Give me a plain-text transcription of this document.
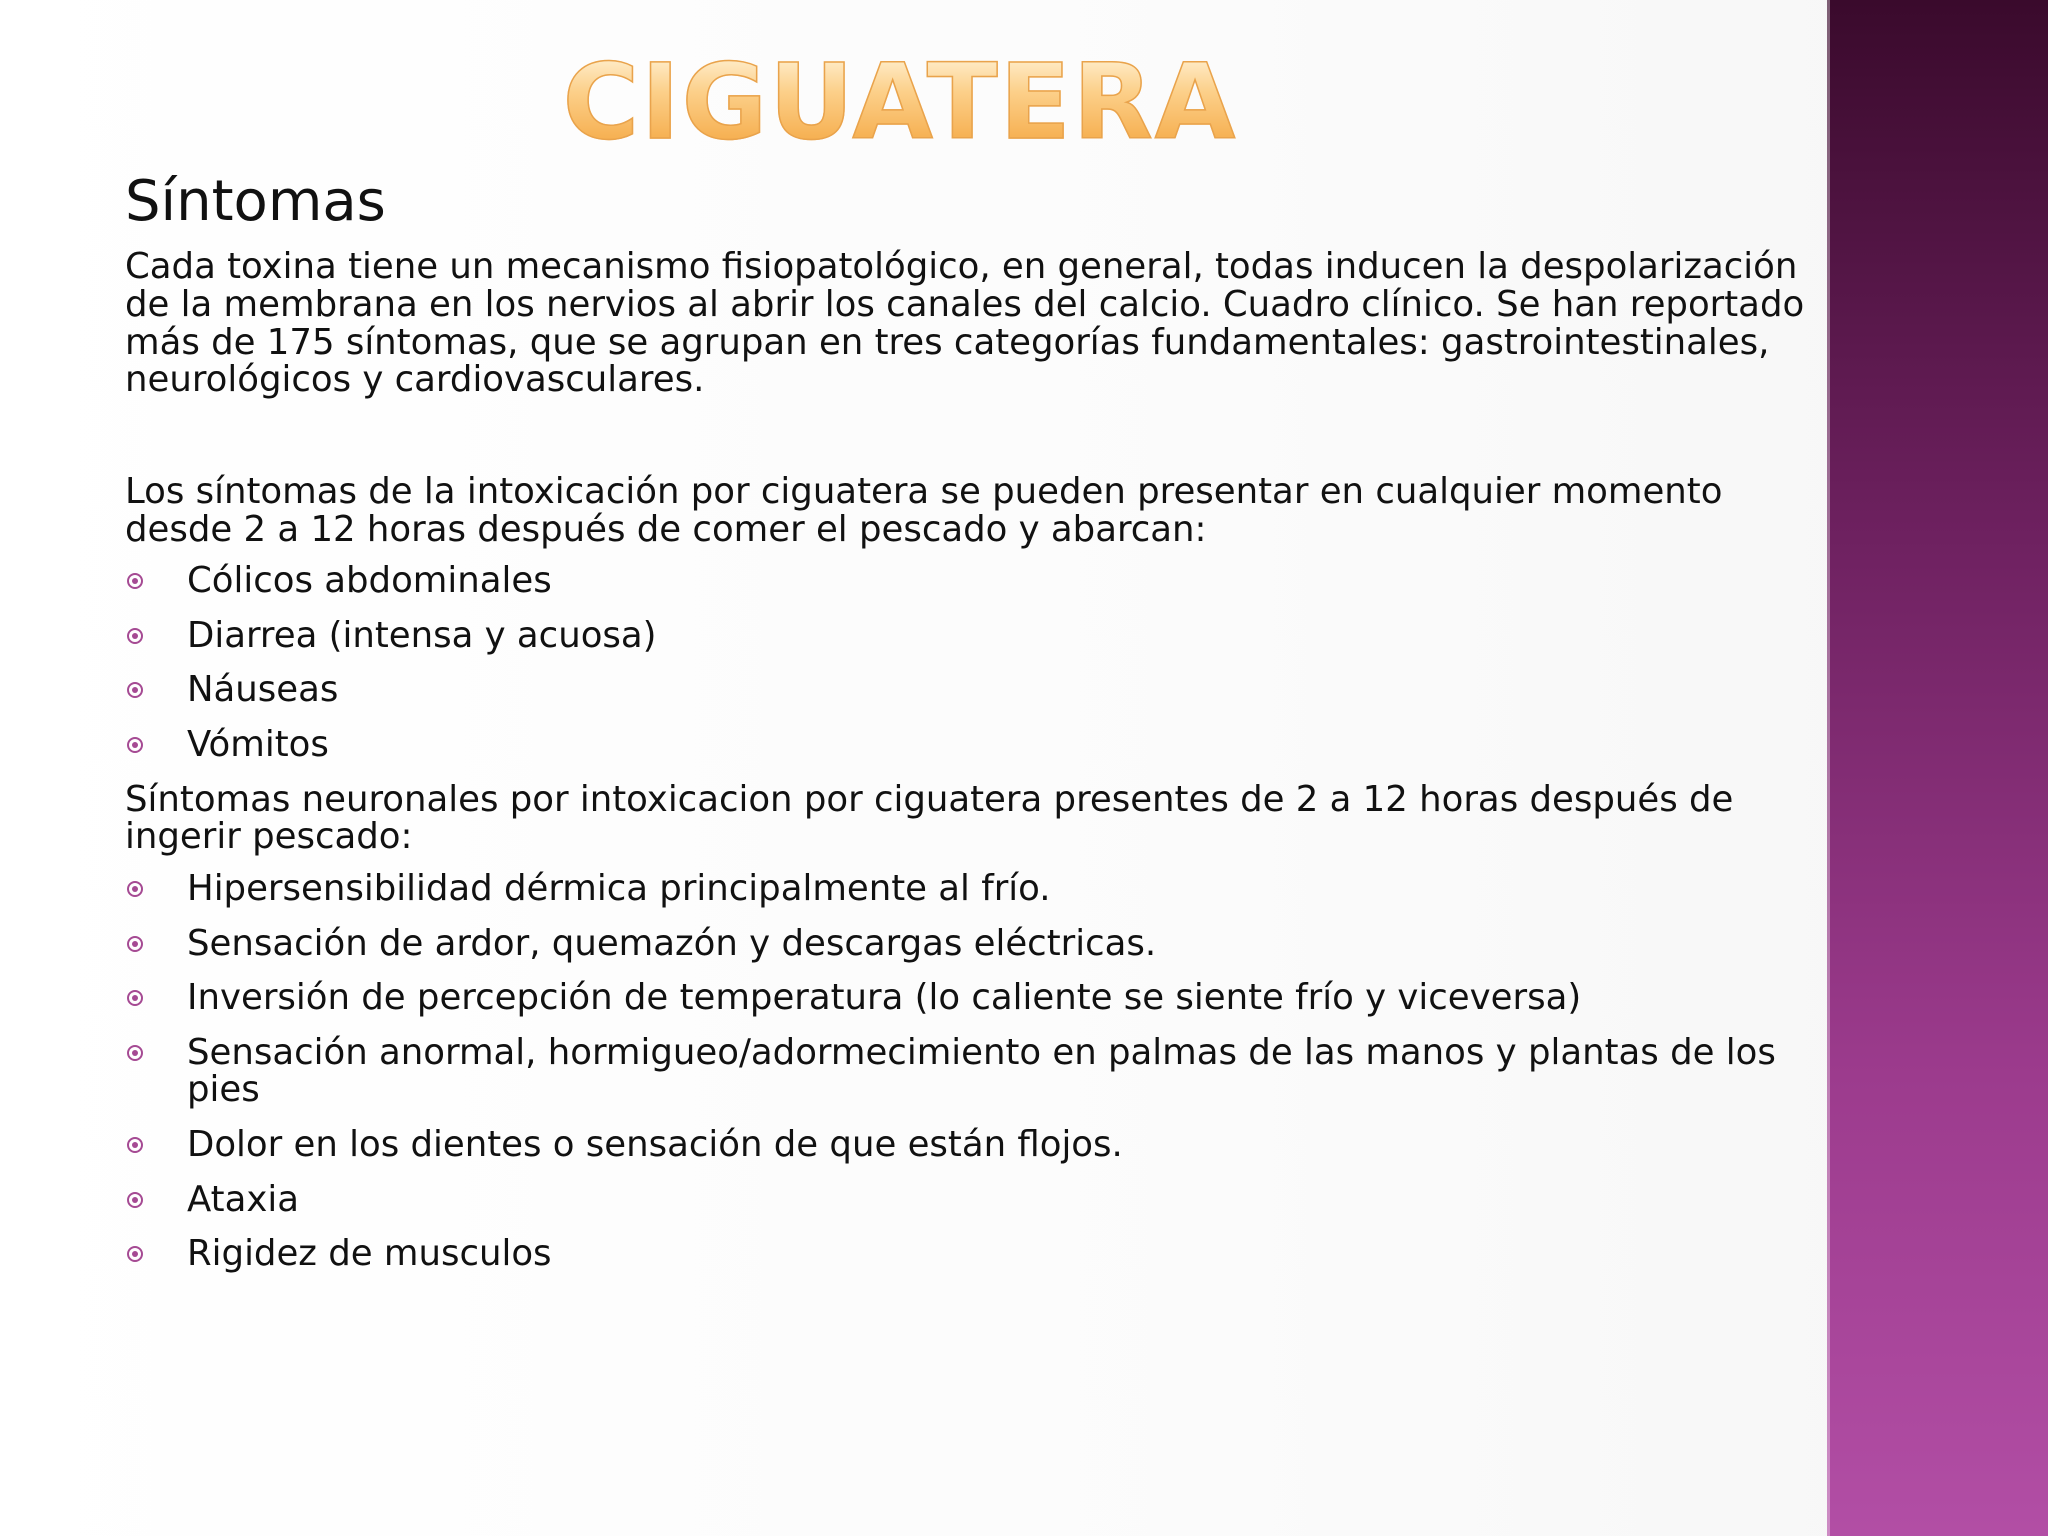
CIGUATERA
Síntomas

Cada toxina tiene un mecanismo fisiopatológico, en general, todas inducen la despolarización
de la membrana en los nervios al abrir los canales del calcio. Cuadro clínico. Se han reportado
más de 175 síntomas, que se agrupan en tres categorías fundamentales: gastrointestinales,
neurológicos y cardiovasculares.

Los síntomas de la intoxicación por ciguatera se pueden presentar en cualquier momento
desde 2 a 12 horas después de comer el pescado y abarcan:

Cólicos abdominales
Diarrea (intensa y acuosa)
Náuseas
Vómitos

Síntomas neuronales por intoxicacion por ciguatera presentes de 2 a 12 horas después de
ingerir pescado:

Hipersensibilidad dérmica principalmente al frío.
Sensación de ardor, quemazón y descargas eléctricas.
Inversión de percepción de temperatura (lo caliente se siente frío y viceversa)
Sensación anormal, hormigueo/adormecimiento en palmas de las manos y plantas de los pies
Dolor en los dientes o sensación de que están flojos.
Ataxia
Rigidez de musculos
